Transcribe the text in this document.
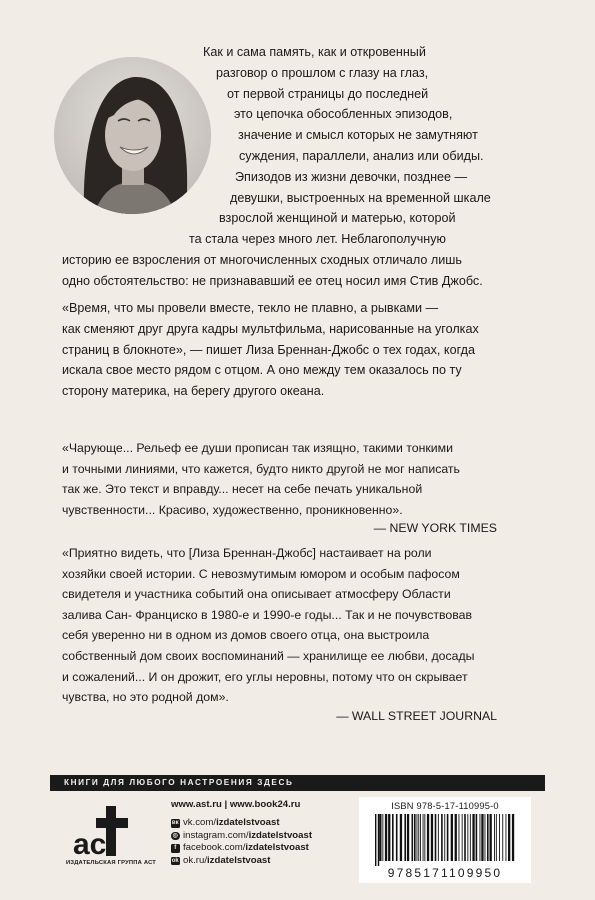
Как и сама память, как и откровенный
разговор о прошлом с глазу на глаз,
от первой страницы до последней
это цепочка обособленных эпизодов,
значение и смысл которых не замутняют
суждения, параллели, анализ или обиды.
Эпизодов из жизни девочки, позднее —
девушки, выстроенных на временной шкале
взрослой женщиной и матерью, которой
та стала через много лет. Неблагополучную
историю ее взросления от многочисленных сходных отличало лишь
одно обстоятельство: не признававший ее отец носил имя Стив Джобс.
«Время, что мы провели вместе, текло не плавно, а рывками —
как сменяют друг друга кадры мультфильма, нарисованные на уголках
страниц в блокноте», — пишет Лиза Бреннан-Джобс о тех годах, когда
искала свое место рядом с отцом. А оно между тем оказалось по ту
сторону материка, на берегу другого океана.
«Чарующе... Рельеф ее души прописан так изящно, такими тонкими
и точными линиями, что кажется, будто никто другой не мог написать
так же. Это текст и вправду... несет на себе печать уникальной
чувственности... Красиво, художественно, проникновенно».
— NEW YORK TIMES
«Приятно видеть, что [Лиза Бреннан-Джобс] настаивает на роли
хозяйки своей истории. С невозмутимым юмором и особым пафосом
свидетеля и участника событий она описывает атмосферу Области
залива Сан- Франциско в 1980-е и 1990-е годы... Так и не почувствовав
себя уверенно ни в одном из домов своего отца, она выстроила
собственный дом своих воспоминаний — хранилище ее любви, досады
и сожалений... И он дрожит, его углы неровны, потому что он скрывает
чувства, но это родной дом».
— WALL STREET JOURNAL
КНИГИ ДЛЯ ЛЮБОГО НАСТРОЕНИЯ ЗДЕСЬ
act
ИЗДАТЕЛЬСКАЯ ГРУППА АСТ
www.ast.ru | www.book24.ru
вк vk.com/izdatelstvoast
◎ instagram.com/izdatelstvoast
f facebook.com/izdatelstvoast
ok ok.ru/izdatelstvoast
ISBN 978-5-17-110995-0
9785171109950
